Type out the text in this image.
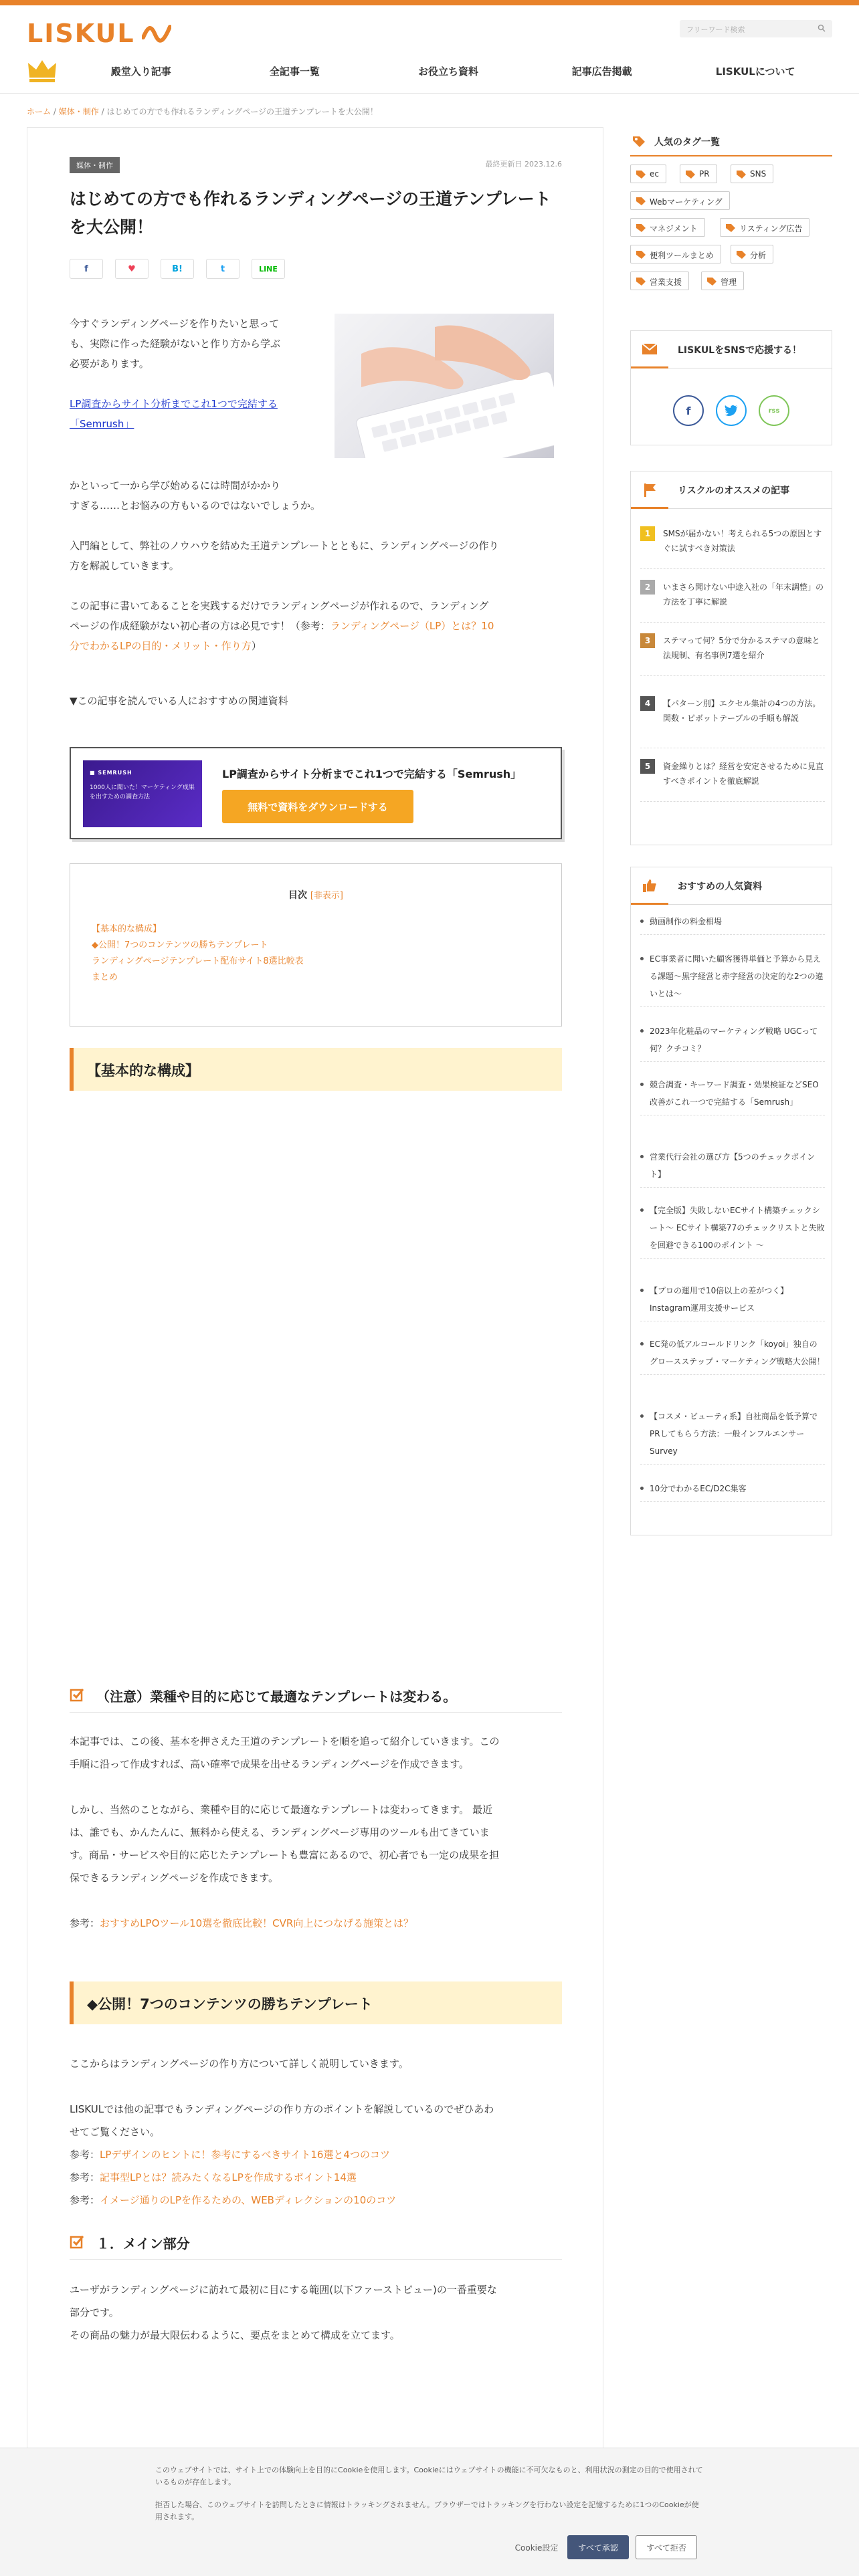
LISKUL	フリーワード検索
殿堂入り記事	全記事一覧	お役立ち資料	記事広告掲載	LISKULについて
ホーム / 媒体・制作 / はじめての方でも作れるランディングページの王道テンプレートを大公開！
媒体・制作	最終更新日 2023.12.6
はじめての方でも作れるランディングページの王道テンプレートを大公開！
f	♥	B!	t	LINE

今すぐランディングページを作りたいと思って

も、実際に作った経験がないと作り方から学ぶ

必要があります。

LP調査からサイト分析までこれ1つで完結する
「Semrush」

かといって一から学び始めるには時間がかかり

すぎる……とお悩みの方もいるのではないでしょうか。

入門編として、弊社のノウハウを結めた王道テンプレートとともに、ランディングページの作り

方を解説していきます。

この記事に書いてあることを実践するだけでランディングページが作れるので、ランディング

ページの作成経験がない初心者の方は必見です！（参考：ランディングページ（LP）とは？10

分でわかるLPの目的・メリット・作り方）

▼この記事を読んでいる人におすすめの関連資料

■ SEMRUSH
1000人に聞いた！マーケティング成果を出すための調査方法
LP調査からサイト分析までこれ1つで完結する「Semrush」
無料で資料をダウンロードする
目次 [非表示]
【基本的な構成】
◆公開！7つのコンテンツの勝ちテンプレート
ランディングページテンプレート配布サイト8選比較表
まとめ
【基本的な構成】
（注意）業種や目的に応じて最適なテンプレートは変わる。

本記事では、この後、基本を押さえた王道のテンプレートを順を追って紹介していきます。この

手順に沿って作成すれば、高い確率で成果を出せるランディングページを作成できます。

しかし、当然のことながら、業種や目的に応じて最適なテンプレートは変わってきます。 最近

は、誰でも、かんたんに、無料から使える、ランディングページ専用のツールも出てきていま

す。商品・サービスや目的に応じたテンプレートも豊富にあるので、初心者でも一定の成果を担

保できるランディングページを作成できます。

参考：おすすめLPOツール10選を徹底比較！CVR向上につなげる施策とは？

◆公開！7つのコンテンツの勝ちテンプレート

ここからはランディングページの作り方について詳しく説明していきます。

LISKULでは他の記事でもランディングページの作り方のポイントを解説しているのでぜひあわ

せてご覧ください。

参考：LPデザインのヒントに！参考にするべきサイト16選と4つのコツ

参考：記事型LPとは？読みたくなるLPを作成するポイント14選

参考：イメージ通りのLPを作るための、WEBディレクションの10のコツ

１．メイン部分

ユーザがランディングページに訪れて最初に目にする範囲(以下ファーストビュー)の一番重要な

部分です。

その商品の魅力が最大限伝わるように、要点をまとめて構成を立てます。

人気のタグ一覧
ec	PR	SNS
Webマーケティング
マネジメント	リスティング広告
便利ツールまとめ	分析
営業支援	管理
LISKULをSNSで応援する！
f	rss
リスクルのオススメの記事
1	SMSが届かない！考えられる5つの原因とすぐに試すべき対策法
2	いまさら聞けない中途入社の「年末調整」の方法を丁寧に解説
3	ステマって何？5分で分かるステマの意味と法規制、有名事例7選を紹介
4	【パターン別】エクセル集計の4つの方法。関数・ピボットテーブルの手順も解説
5	資金繰りとは？経営を安定させるために見直すべきポイントを徹底解説
おすすめの人気資料
動画制作の料金相場
EC事業者に聞いた顧客獲得単価と予算から見える課題〜黒字経営と赤字経営の決定的な2つの違いとは〜
2023年化粧品のマーケティング戦略 UGCって何？クチコミ？
競合調査・キーワード調査・効果検証などSEO改善がこれ一つで完結する「Semrush」
営業代行会社の選び方【5つのチェックポイント】
【完全版】失敗しないECサイト構築チェックシート〜 ECサイト構築77のチェックリストと失敗を回避できる100のポイント 〜
【プロの運用で10倍以上の差がつく】Instagram運用支援サービス
EC発の低アルコールドリンク「koyoi」独自のグロースステップ・マーケティング戦略大公開！
【コスメ・ビューティ系】自社商品を低予算でPRしてもらう方法：一般インフルエンサーSurvey
10分でわかるEC/D2C集客

このウェブサイトでは、サイト上での体験向上を目的にCookieを使用します。Cookieにはウェブサイトの機能に不可欠なものと、利用状況の測定の目的で使用されているものが存在します。

拒否した場合、このウェブサイトを訪問したときに情報はトラッキングされません。ブラウザーではトラッキングを行わない設定を記憶するために1つのCookieが使用されます。

Cookie設定	すべて承認	すべて拒否
